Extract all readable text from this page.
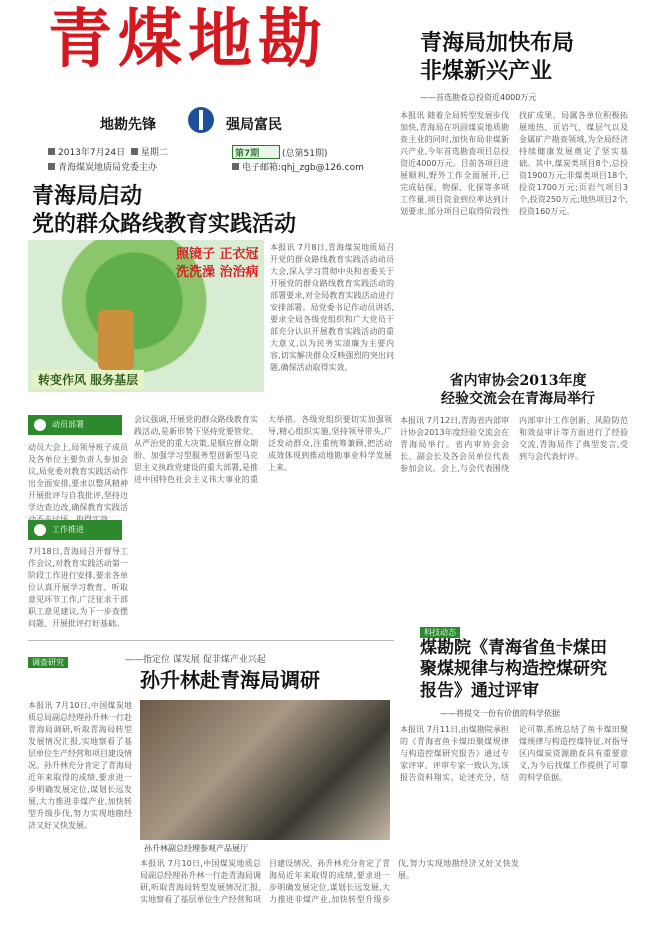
青煤地勘
地勘先锋	强局富民
2013年7月24日 星期二	第7期	(总第51期)
青海煤炭地质局党委主办	电子邮箱:qhj_zgb@126.com
青海局加快布局
非煤新兴产业
——首选勘查总投资近4000万元
本报讯 随着全局转型发展步伐加快,青海局在巩固煤炭地质勘查主业的同时,加快布局非煤新兴产业,今年首选勘查项目总投资近4000万元。目前各项目进展顺利,野外工作全面展开,已完成钻探、物探、化探等多项工作量,项目资金到位率达到计划要求,部分项目已取得阶段性找矿成果。局属各单位积极拓展地热、页岩气、煤层气以及金属矿产勘查领域,为全局经济持续健康发展奠定了坚实基础。其中,煤炭类项目8个,总投资1900万元;非煤类项目18个,投资1700万元;页岩气项目3个,投资250万元;地热项目2个,投资160万元。
青海局启动
党的群众路线教育实践活动
照镜子 正衣冠
洗洗澡 治治病
转变作风 服务基层
本报讯 7月8日,青海煤炭地质局召开党的群众路线教育实践活动动员大会,深入学习贯彻中央和省委关于开展党的群众路线教育实践活动的部署要求,对全局教育实践活动进行安排部署。局党委书记作动员讲话,要求全局各级党组织和广大党员干部充分认识开展教育实践活动的重大意义,以为民务实清廉为主要内容,切实解决群众反映强烈的突出问题,确保活动取得实效。
动员部署
动员大会上,局领导班子成员及各单位主要负责人参加会议,局党委对教育实践活动作出全面安排,要求以整风精神开展批评与自我批评,坚持边学边查边改,确保教育实践活
工作推进
7月18日,青海局召开督导工作会议,对教育实践活动第一阶段工作进行安排,要求各单位认真开展学习教育、听取意见环节工作,广泛征求干部职工意见建议,为下一步查摆问题、开展批评打好基础。
会议强调,开展党的群众路线教育实践活动,是新形势下坚持党要管党、从严治党的重大决策,是顺应群众期盼、加强学习型服务型创新型马克思主义执政党建设的重大部署,是推进中国特色社会主义伟大事业的重大举措。各级党组织要切实加强领导,精心组织实施,坚持领导带头,广泛发动群众,注重统筹兼顾,把活动成效体现到推动地勘事业科学发展上来。
省内审协会2013年度
经验交流会在青海局举行
本报讯 7月12日,青海省内部审计协会2013年度经验交流会在青海局举行。省内审协会会长、副会长及各会员单位代表参加会议。会上,与会代表围绕内部审计工作创新、风险防范和效益审计等方面进行了经验交流,青海局作了典型发言,受到与会代表好评。
调查研究	——指定位 谋发展 促非煤产业兴起
孙升林赴青海局调研
孙升林副总经理参观产品展厅
本报讯 7月10日,中国煤炭地质总局副总经理孙升林一行赴青海局调研,听取青海局转型发展情况汇报,实地察看了基层单位生产经营和项目建设情况。孙升林充分肯定了青海局近年来取得的成绩,要求进一步明确发展定位,谋划长远发展,大力推进非煤产业,加快转型升级步伐,努力实现地勘经济又好又快发展。
本报讯 7月10日,中国煤炭地质总局副总经理孙升林一行赴青海局调研,听取青海局转型发展情况汇报,实地察看了基层单位生产经营和项目建设情况。孙升林充分肯定了青海局近年来取得的成绩,要求进一步明确发展定位,谋划长远发展,大力推进非煤产业,加快转型升级步伐,努力实现地勘经济又好又快发展。
科技动态
煤勘院《青海省鱼卡煤田
聚煤规律与构造控煤研究
报告》通过评审
——将提交一份有价值的科学依据
本报讯 7月11日,由煤勘院承担的《青海省鱼卡煤田聚煤规律与构造控煤研究报告》通过专家评审。评审专家一致认为,该报告资料翔实、论述充分、结论可靠,系统总结了鱼卡煤田聚煤规律与构造控煤特征,对指导区内煤炭资源勘查具有重要意义,为今后找煤工作提供了可靠的科学依据。
